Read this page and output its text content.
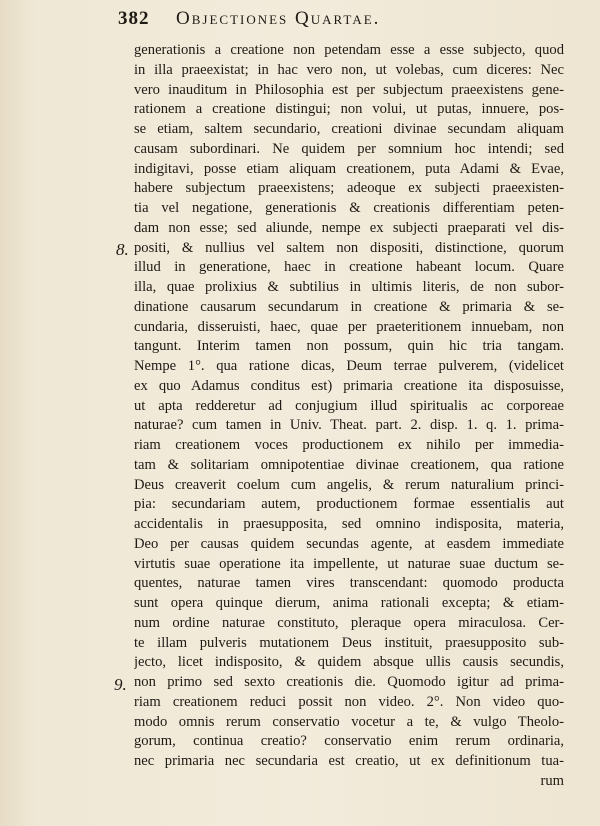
382 Objectiones Quartae.
8.
9.
generationis a creatione non petendam esse a esse subjecto, quod
in illa praeexistat; in hac vero non, ut volebas, cum diceres: Nec
vero inauditum in Philosophia est per subjectum praeexistens gene-
rationem a creatione distingui; non volui, ut putas, innuere, pos-
se etiam, saltem secundario, creationi divinae secundam aliquam
causam subordinari. Ne quidem per somnium hoc intendi; sed
indigitavi, posse etiam aliquam creationem, puta Adami & Evae,
habere subjectum praeexistens; adeoque ex subjecti praeexisten-
tia vel negatione, generationis & creationis differentiam peten-
dam non esse; sed aliunde, nempe ex subjecti praeparati vel dis-
positi, & nullius vel saltem non dispositi, distinctione, quorum
illud in generatione, haec in creatione habeant locum. Quare
illa, quae prolixius & subtilius in ultimis literis, de non subor-
dinatione causarum secundarum in creatione & primaria & se-
cundaria, disseruisti, haec, quae per praeteritionem innuebam, non
tangunt. Interim tamen non possum, quin hic tria tangam.
Nempe 1°. qua ratione dicas, Deum terrae pulverem, (videlicet
ex quo Adamus conditus est) primaria creatione ita disposuisse,
ut apta redderetur ad conjugium illud spiritualis ac corporeae
naturae? cum tamen in Univ. Theat. part. 2. disp. 1. q. 1. prima-
riam creationem voces productionem ex nihilo per immedia-
tam & solitariam omnipotentiae divinae creationem, qua ratione
Deus creaverit coelum cum angelis, & rerum naturalium princi-
pia: secundariam autem, productionem formae essentialis aut
accidentalis in praesupposita, sed omnino indisposita, materia,
Deo per causas quidem secundas agente, at easdem immediate
virtutis suae operatione ita impellente, ut naturae suae ductum se-
quentes, naturae tamen vires transcendant: quomodo producta
sunt opera quinque dierum, anima rationali excepta; & etiam-
num ordine naturae constituto, pleraque opera miraculosa. Cer-
te illam pulveris mutationem Deus instituit, praesupposito sub-
jecto, licet indisposito, & quidem absque ullis causis secundis,
non primo sed sexto creationis die. Quomodo igitur ad prima-
riam creationem reduci possit non video. 2°. Non video quo-
modo omnis rerum conservatio vocetur a te, & vulgo Theolo-
gorum, continua creatio? conservatio enim rerum ordinaria,
nec primaria nec secundaria est creatio, ut ex definitionum tua-
rum
